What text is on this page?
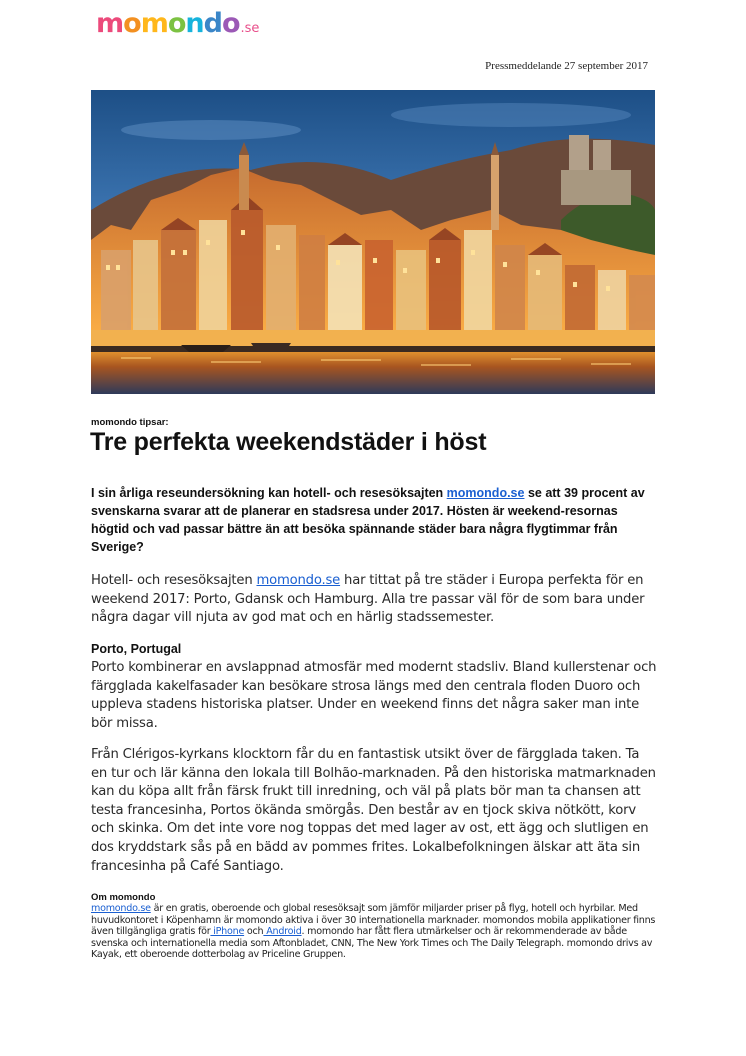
momondo .se
Pressmeddelande 27 september 2017
momondo tipsar:
Tre perfekta weekendstäder i höst

I sin årliga reseundersökning kan hotell- och resesöksajten momondo.se se att 39 procent av svenskarna svarar att de planerar en stadsresa under 2017. Hösten är weekend-resornas högtid och vad passar bättre än att besöka spännande städer bara några flygtimmar från Sverige?

Hotell- och resesöksajten momondo.se har tittat på tre städer i Europa perfekta för en weekend 2017: Porto, Gdansk och Hamburg. Alla tre passar väl för de som bara under några dagar vill njuta av god mat och en härlig stadssemester.

Porto, Portugal

Porto kombinerar en avslappnad atmosfär med modernt stadsliv. Bland kullerstenar och färgglada kakelfasader kan besökare strosa längs med den centrala floden Duoro och uppleva stadens historiska platser. Under en weekend finns det några saker man inte bör missa.

Från Clérigos-kyrkans klocktorn får du en fantastisk utsikt över de färgglada taken. Ta en tur och lär känna den lokala till Bolhão-marknaden. På den historiska matmarknaden kan du köpa allt från färsk frukt till inredning, och väl på plats bör man ta chansen att testa francesinha, Portos ökända smörgås. Den består av en tjock skiva nötkött, korv och skinka. Om det inte vore nog toppas det med lager av ost, ett ägg och slutligen en dos kryddstark sås på en bädd av pommes frites. Lokalbefolkningen älskar att äta sin francesinha på Café Santiago.

Om momondo

momondo.se är en gratis, oberoende och global resesöksajt som jämför miljarder priser på flyg, hotell och hyrbilar. Med huvudkontoret i Köpenhamn är momondo aktiva i över 30 internationella marknader. momondos mobila applikationer finns även tillgängliga gratis för iPhone och Android. momondo har fått flera utmärkelser och är rekommenderade av både svenska och internationella media som Aftonbladet, CNN, The New York Times och The Daily Telegraph. momondo drivs av Kayak, ett oberoende dotterbolag av Priceline Gruppen.
